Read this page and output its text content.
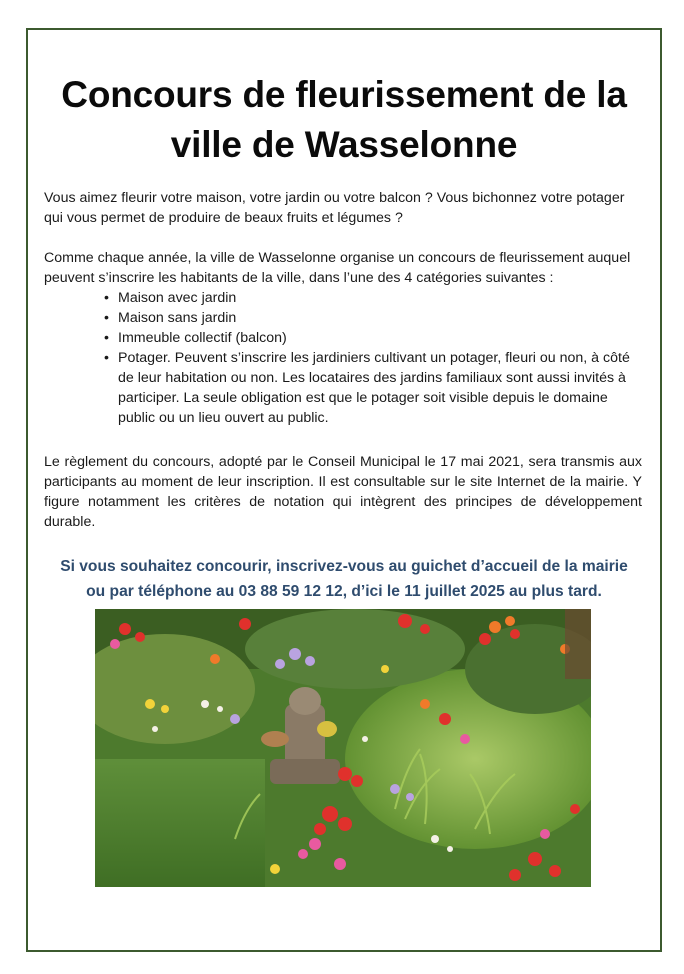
Concours de fleurissement de la
ville de Wasselonne

Vous aimez fleurir votre maison, votre jardin ou votre balcon ? Vous bichonnez votre potager qui vous permet de produire de beaux fruits et légumes ?

Comme chaque année, la ville de Wasselonne organise un concours de fleurissement auquel peuvent s’inscrire les habitants de la ville, dans l’une des 4 catégories suivantes :

• Maison avec jardin
• Maison sans jardin
• Immeuble collectif (balcon)
• Potager. Peuvent s’inscrire les jardiniers cultivant un potager, fleuri ou non, à côté de leur habitation ou non. Les locataires des jardins familiaux sont aussi invités à participer. La seule obligation est que le potager soit visible depuis le domaine public ou un lieu ouvert au public.

Le règlement du concours, adopté par le Conseil Municipal le 17 mai 2021, sera transmis aux participants au moment de leur inscription. Il est consultable sur le site Internet de la mairie. Y figure notamment les critères de notation qui intègrent des principes de développement durable.

Si vous souhaitez concourir, inscrivez-vous au guichet d’accueil de la mairie
ou par téléphone au 03 88 59 12 12, d’ici le 11 juillet 2025 au plus tard.
